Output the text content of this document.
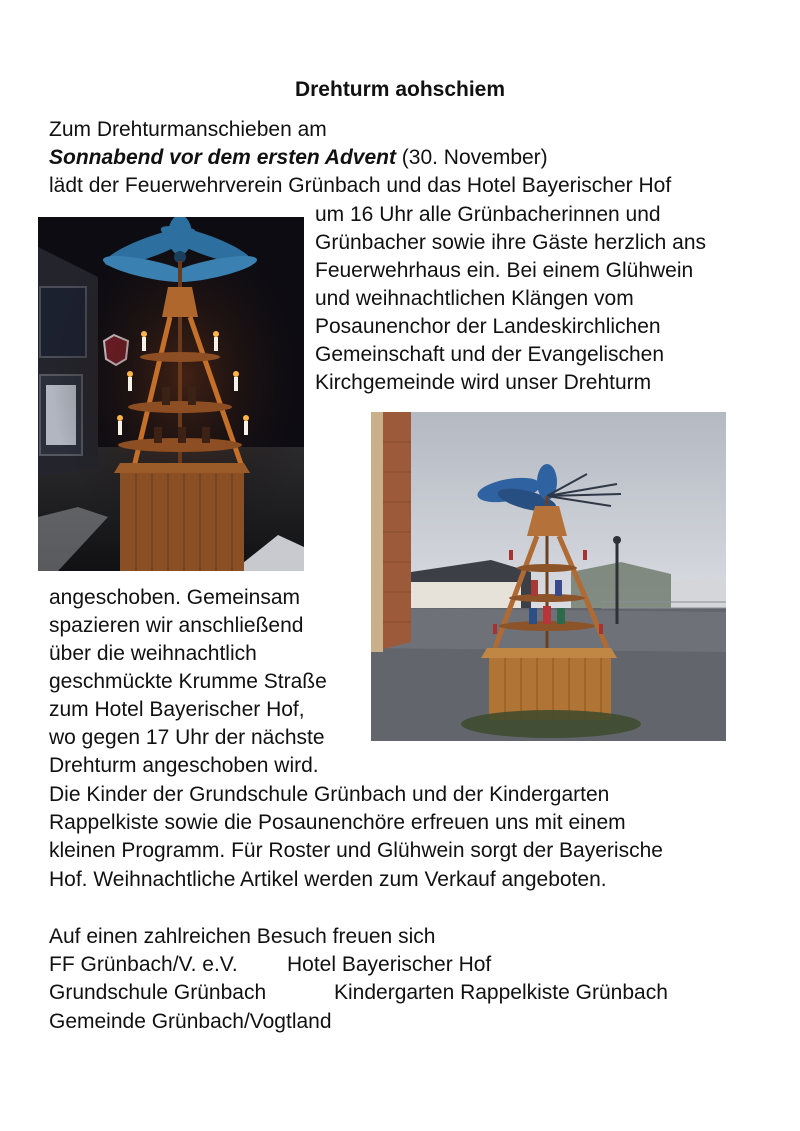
Drehturm aohschiem
Zum Drehturmanschieben am
Sonnabend vor dem ersten Advent (30. November)
lädt der Feuerwehrverein Grünbach und das Hotel Bayerischer Hof
um 16 Uhr alle Grünbacherinnen und
Grünbacher sowie ihre Gäste herzlich ans
Feuerwehrhaus ein. Bei einem Glühwein
und weihnachtlichen Klängen vom
Posaunenchor der Landeskirchlichen
Gemeinschaft und der Evangelischen
Kirchgemeinde wird unser Drehturm
angeschoben. Gemeinsam
spazieren wir anschließend
über die weihnachtlich
geschmückte Krumme Straße
zum Hotel Bayerischer Hof,
wo gegen 17 Uhr der nächste
Drehturm angeschoben wird.
Die Kinder der Grundschule Grünbach und der Kindergarten
Rappelkiste sowie die Posaunenchöre erfreuen uns mit einem
kleinen Programm. Für Roster und Glühwein sorgt der Bayerische
Hof. Weihnachtliche Artikel werden zum Verkauf angeboten.
Auf einen zahlreichen Besuch freuen sich
FF Grünbach/V. e.V. Hotel Bayerischer Hof
Grundschule Grünbach	Kindergarten Rappelkiste Grünbach
Gemeinde Grünbach/Vogtland
